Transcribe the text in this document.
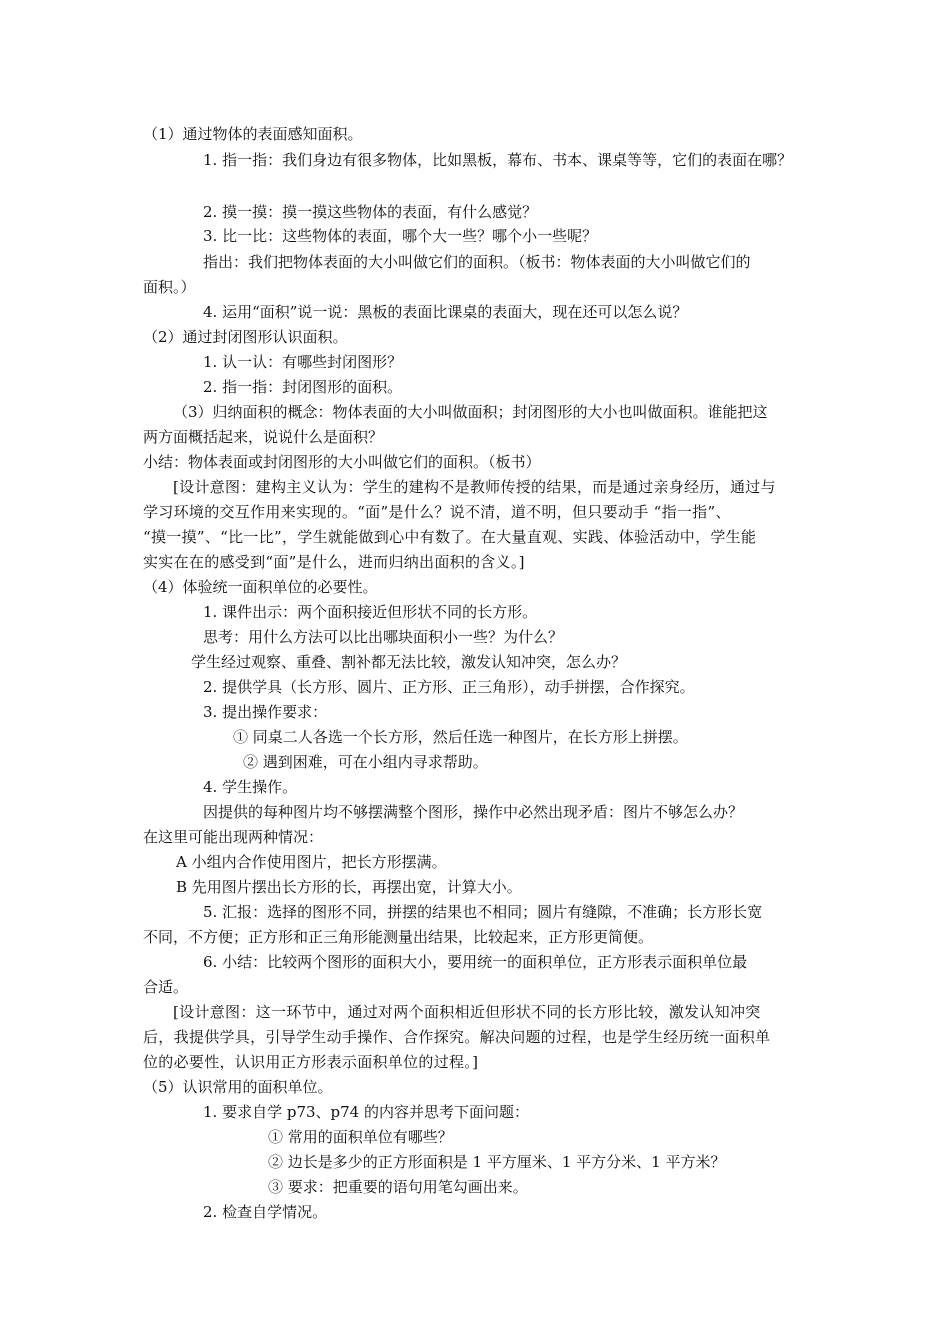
（1）通过物体的表面感知面积。
1. 指一指：我们身边有很多物体，比如黑板，幕布、书本、课桌等等，它们的表面在哪？
2. 摸一摸：摸一摸这些物体的表面，有什么感觉？
3. 比一比：这些物体的表面，哪个大一些？哪个小一些呢？
指出：我们把物体表面的大小叫做它们的面积。（板书：物体表面的大小叫做它们的
面积。）
4. 运用“面积”说一说：黑板的表面比课桌的表面大，现在还可以怎么说？
（2）通过封闭图形认识面积。
1. 认一认：有哪些封闭图形？
2. 指一指：封闭图形的面积。
（3）归纳面积的概念：物体表面的大小叫做面积；封闭图形的大小也叫做面积。谁能把这
两方面概括起来，说说什么是面积？
小结：物体表面或封闭图形的大小叫做它们的面积。（板书）
[设计意图：建构主义认为：学生的建构不是教师传授的结果，而是通过亲身经历，通过与
学习环境的交互作用来实现的。“面”是什么？说不清，道不明，但只要动手 “指一指”、
“摸一摸”、“比一比”，学生就能做到心中有数了。在大量直观、实践、体验活动中，学生能
实实在在的感受到“面”是什么，进而归纳出面积的含义。]
（4）体验统一面积单位的必要性。
1. 课件出示：两个面积接近但形状不同的长方形。
思考：用什么方法可以比出哪块面积小一些？为什么？
学生经过观察、重叠、割补都无法比较，激发认知冲突，怎么办？
2. 提供学具（长方形、圆片、正方形、正三角形），动手拼摆，合作探究。
3. 提出操作要求：
① 同桌二人各选一个长方形，然后任选一种图片，在长方形上拼摆。
② 遇到困难，可在小组内寻求帮助。
4. 学生操作。
因提供的每种图片均不够摆满整个图形，操作中必然出现矛盾：图片不够怎么办？
在这里可能出现两种情况：
A 小组内合作使用图片，把长方形摆满。
B 先用图片摆出长方形的长，再摆出宽，计算大小。
5. 汇报：选择的图形不同，拼摆的结果也不相同；圆片有缝隙，不准确；长方形长宽
不同，不方便；正方形和正三角形能测量出结果，比较起来，正方形更简便。
6. 小结：比较两个图形的面积大小，要用统一的面积单位，正方形表示面积单位最
合适。
[设计意图：这一环节中，通过对两个面积相近但形状不同的长方形比较，激发认知冲突
后，我提供学具，引导学生动手操作、合作探究。解决问题的过程，也是学生经历统一面积单
位的必要性，认识用正方形表示面积单位的过程。]
（5）认识常用的面积单位。
1. 要求自学 p73、p74 的内容并思考下面问题：
① 常用的面积单位有哪些？
② 边长是多少的正方形面积是 1 平方厘米、1 平方分米、1 平方米？
③ 要求：把重要的语句用笔勾画出来。
2. 检查自学情况。
